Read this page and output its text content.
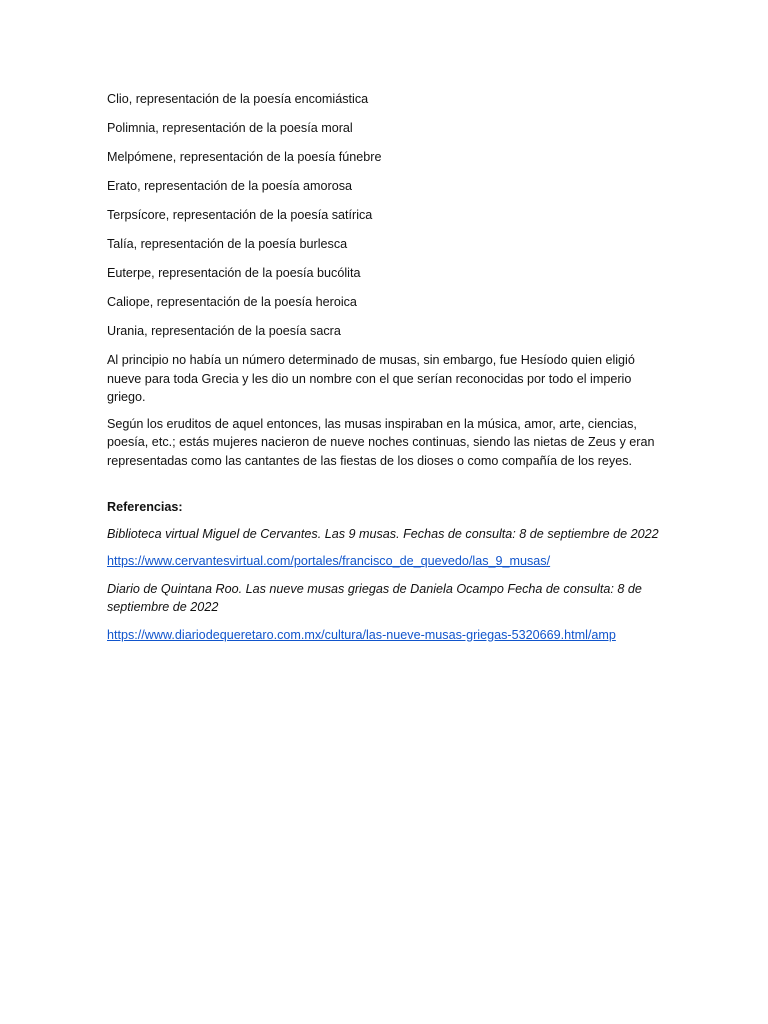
Clio, representación de la poesía encomiástica

Polimnia, representación de la poesía moral

Melpómene, representación de la poesía fúnebre

Erato, representación de la poesía amorosa

Terpsícore, representación de la poesía satírica

Talía, representación de la poesía burlesca

Euterpe, representación de la poesía bucólita

Caliope, representación de la poesía heroica

Urania, representación de la poesía sacra

Al principio no había un número determinado de musas, sin embargo, fue Hesíodo quien eligió
nueve para toda Grecia y les dio un nombre con el que serían reconocidas por todo el imperio
griego.

Según los eruditos de aquel entonces, las musas inspiraban en la música, amor, arte, ciencias,
poesía, etc.; estás mujeres nacieron de nueve noches continuas, siendo las nietas de Zeus y eran
representadas como las cantantes de las fiestas de los dioses o como compañía de los reyes.

Referencias:

Biblioteca virtual Miguel de Cervantes. Las 9 musas. Fechas de consulta: 8 de septiembre de 2022

https://www.cervantesvirtual.com/portales/francisco_de_quevedo/las_9_musas/

Diario de Quintana Roo. Las nueve musas griegas de Daniela Ocampo Fecha de consulta: 8 de
septiembre de 2022

https://www.diariodequeretaro.com.mx/cultura/las-nueve-musas-griegas-5320669.html/amp
